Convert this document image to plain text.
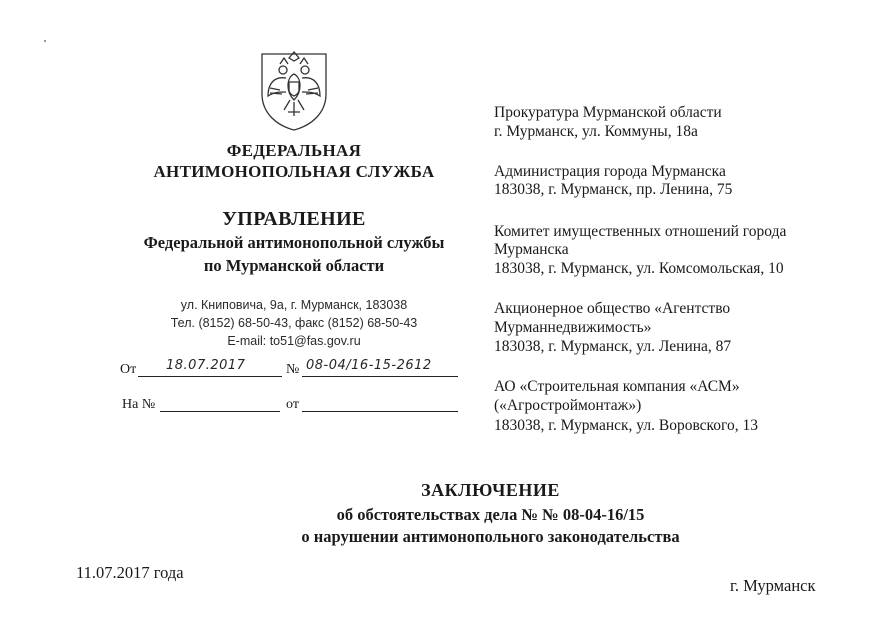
ФЕДЕРАЛЬНАЯ
АНТИМОНОПОЛЬНАЯ СЛУЖБА
УПРАВЛЕНИЕ
Федеральной антимонопольной службы
по Мурманской области
ул. Книповича, 9а, г. Мурманск, 183038
Тел. (8152) 68-50-43, факс (8152) 68-50-43
E-mail: to51@fas.gov.ru
От 18.07.2017	№ 08-04/16-15-2612
На №	от
Прокуратура Мурманской области
г. Мурманск, ул. Коммуны, 18а
Администрация города Мурманска
183038, г. Мурманск, пр. Ленина, 75
Комитет имущественных отношений города
Мурманска
183038, г. Мурманск, ул. Комсомольская, 10
Акционерное общество «Агентство
Мурманнедвижимость»
183038, г. Мурманск, ул. Ленина, 87
АО «Строительная компания «АСМ»
(«Агростроймонтаж»)
183038, г. Мурманск, ул. Воровского, 13
ЗАКЛЮЧЕНИЕ
об обстоятельствах дела № № 08-04-16/15
о нарушении антимонопольного законодательства
11.07.2017 года
г. Мурманск
